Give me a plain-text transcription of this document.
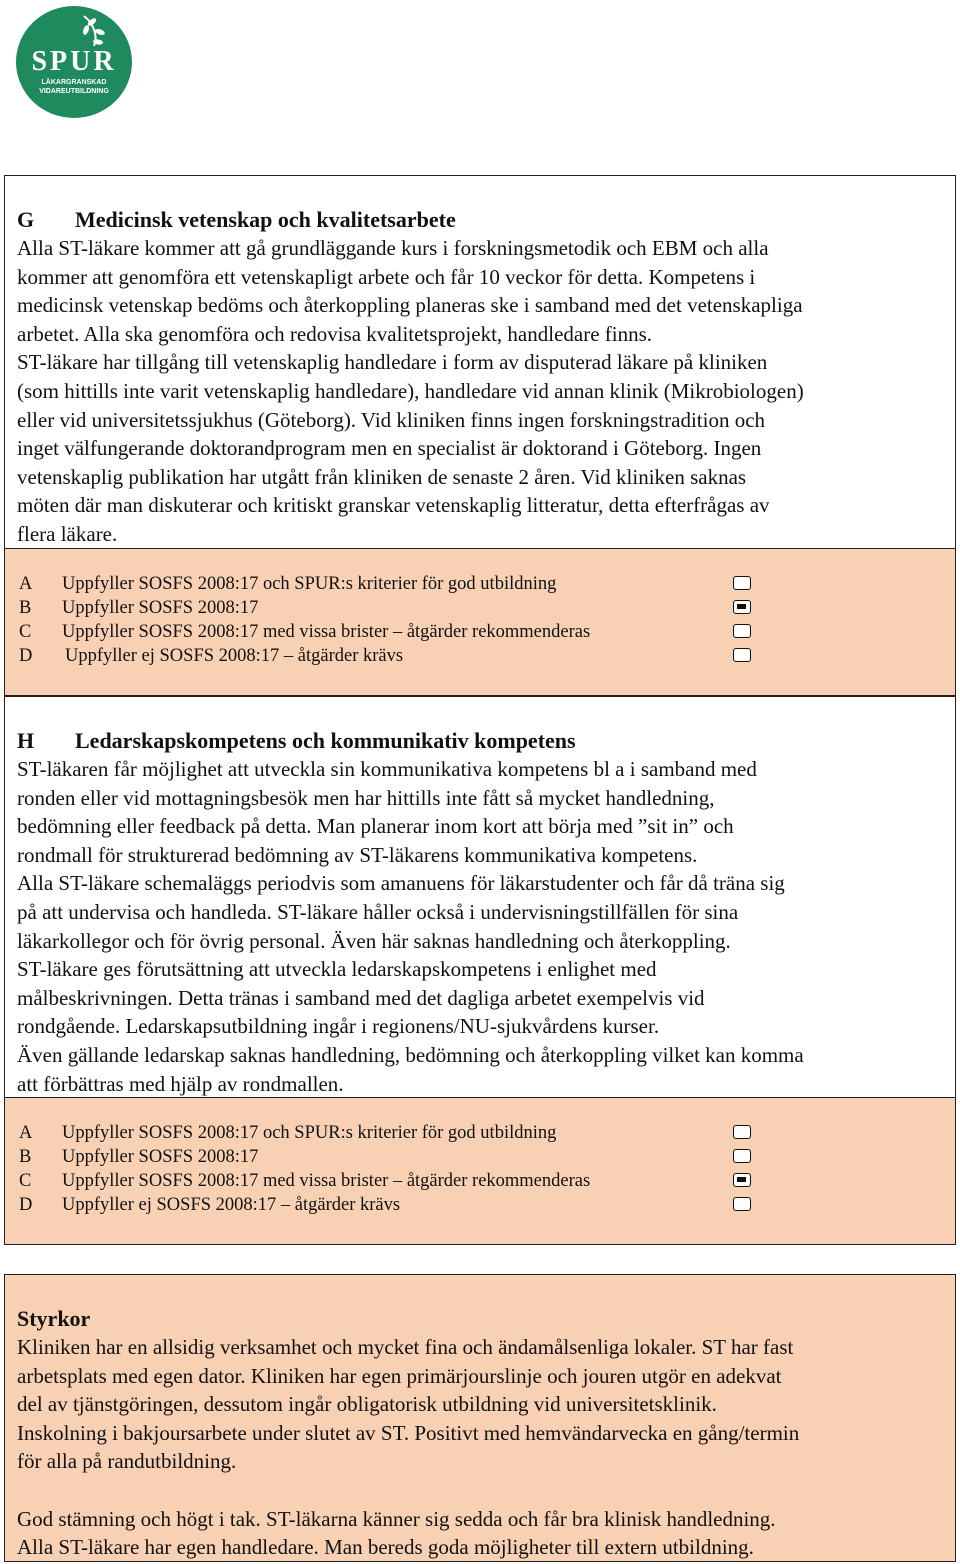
SPUR
LÄKARGRANSKAD
VIDAREUTBILDNING
G Medicinsk vetenskap och kvalitetsarbete

Alla ST-läkare kommer att gå grundläggande kurs i forskningsmetodik och EBM och alla
kommer att genomföra ett vetenskapligt arbete och får 10 veckor för detta. Kompetens i
medicinsk vetenskap bedöms och återkoppling planeras ske i samband med det vetenskapliga
arbetet. Alla ska genomföra och redovisa kvalitetsprojekt, handledare finns.
ST-läkare har tillgång till vetenskaplig handledare i form av disputerad läkare på kliniken
(som hittills inte varit vetenskaplig handledare), handledare vid annan klinik (Mikrobiologen)
eller vid universitetssjukhus (Göteborg). Vid kliniken finns ingen forskningstradition och
inget välfungerande doktorandprogram men en specialist är doktorand i Göteborg. Ingen
vetenskaplig publikation har utgått från kliniken de senaste 2 åren. Vid kliniken saknas
möten där man diskuterar och kritiskt granskar vetenskaplig litteratur, detta efterfrågas av
flera läkare.

A Uppfyller SOSFS 2008:17 och SPUR:s kriterier för god utbildning
B Uppfyller SOSFS 2008:17
C Uppfyller SOSFS 2008:17 med vissa brister – åtgärder rekommenderas
D Uppfyller ej SOSFS 2008:17 – åtgärder krävs
H Ledarskapskompetens och kommunikativ kompetens

ST-läkaren får möjlighet att utveckla sin kommunikativa kompetens bl a i samband med
ronden eller vid mottagningsbesök men har hittills inte fått så mycket handledning,
bedömning eller feedback på detta. Man planerar inom kort att börja med ”sit in” och
rondmall för strukturerad bedömning av ST-läkarens kommunikativa kompetens.
Alla ST-läkare schemaläggs periodvis som amanuens för läkarstudenter och får då träna sig
på att undervisa och handleda. ST-läkare håller också i undervisningstillfällen för sina
läkarkollegor och för övrig personal. Även här saknas handledning och återkoppling.
ST-läkare ges förutsättning att utveckla ledarskapskompetens i enlighet med
målbeskrivningen. Detta tränas i samband med det dagliga arbetet exempelvis vid
rondgående. Ledarskapsutbildning ingår i regionens/NU-sjukvårdens kurser.
Även gällande ledarskap saknas handledning, bedömning och återkoppling vilket kan komma
att förbättras med hjälp av rondmallen.

A Uppfyller SOSFS 2008:17 och SPUR:s kriterier för god utbildning
B Uppfyller SOSFS 2008:17
C Uppfyller SOSFS 2008:17 med vissa brister – åtgärder rekommenderas
D Uppfyller ej SOSFS 2008:17 – åtgärder krävs
Styrkor

Kliniken har en allsidig verksamhet och mycket fina och ändamålsenliga lokaler. ST har fast
arbetsplats med egen dator. Kliniken har egen primärjourslinje och jouren utgör en adekvat
del av tjänstgöringen, dessutom ingår obligatorisk utbildning vid universitetsklinik.
Inskolning i bakjoursarbete under slutet av ST. Positivt med hemvändarvecka en gång/termin
för alla på randutbildning.

God stämning och högt i tak. ST-läkarna känner sig sedda och får bra klinisk handledning.
Alla ST-läkare har egen handledare. Man bereds goda möjligheter till extern utbildning.
